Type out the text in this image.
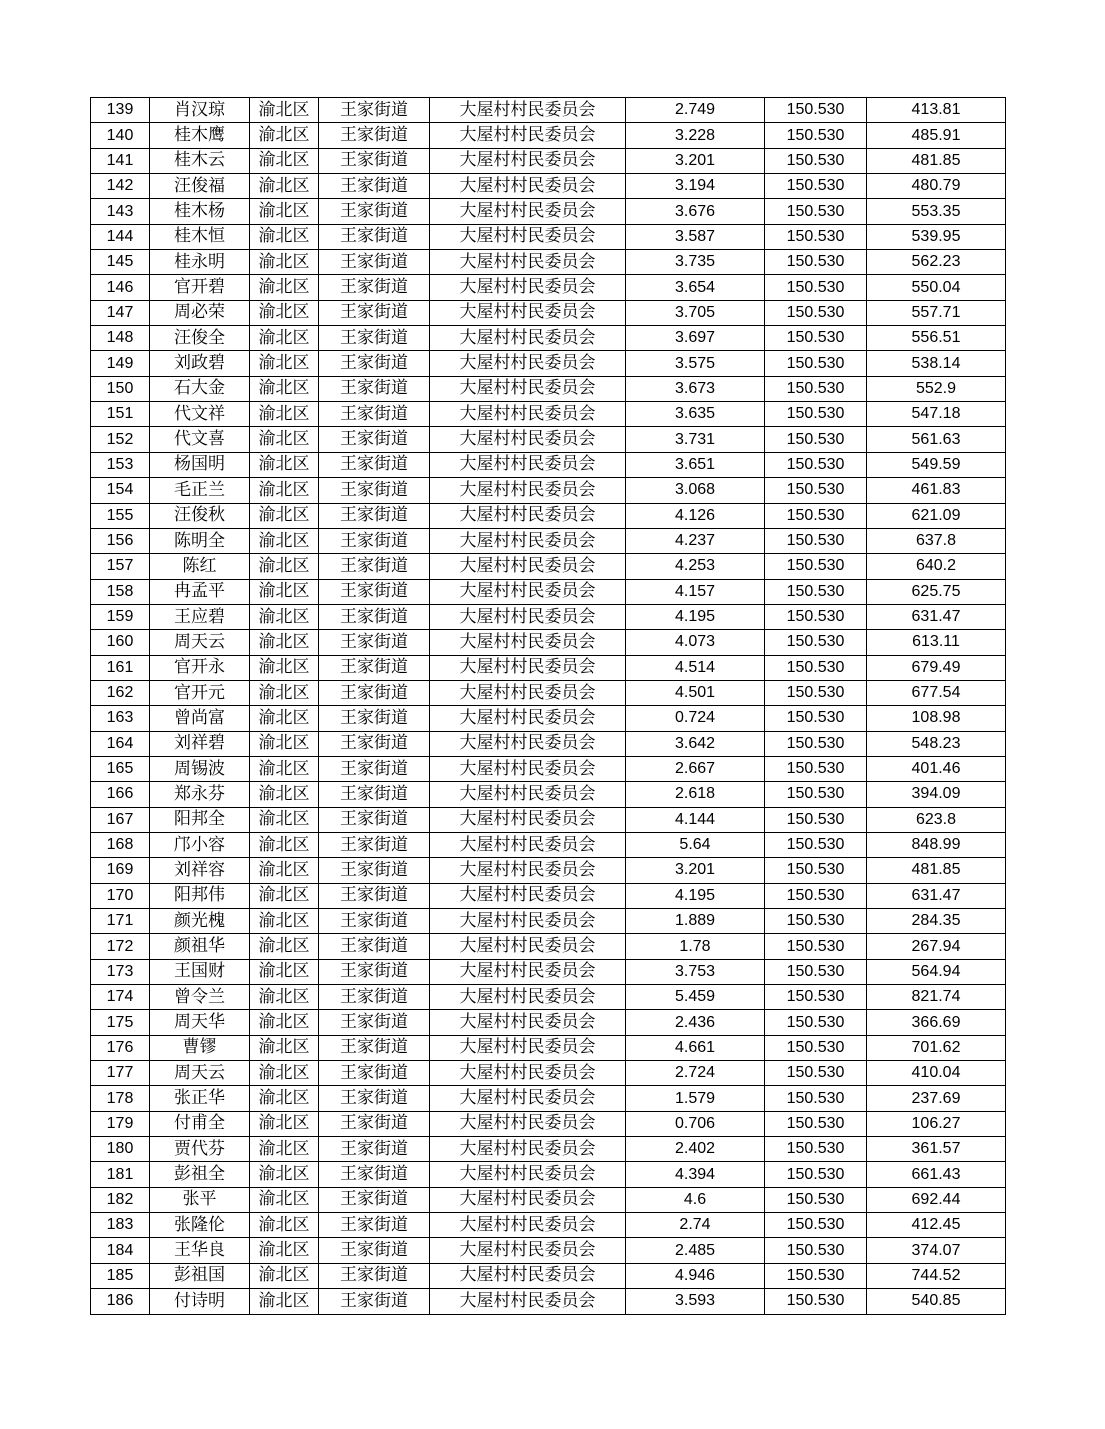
139	肖汉琼	渝北区	王家街道	大屋村村民委员会	2.749	150.530	413.81
140	桂木鹰	渝北区	王家街道	大屋村村民委员会	3.228	150.530	485.91
141	桂木云	渝北区	王家街道	大屋村村民委员会	3.201	150.530	481.85
142	汪俊福	渝北区	王家街道	大屋村村民委员会	3.194	150.530	480.79
143	桂木杨	渝北区	王家街道	大屋村村民委员会	3.676	150.530	553.35
144	桂木恒	渝北区	王家街道	大屋村村民委员会	3.587	150.530	539.95
145	桂永明	渝北区	王家街道	大屋村村民委员会	3.735	150.530	562.23
146	官开碧	渝北区	王家街道	大屋村村民委员会	3.654	150.530	550.04
147	周必荣	渝北区	王家街道	大屋村村民委员会	3.705	150.530	557.71
148	汪俊全	渝北区	王家街道	大屋村村民委员会	3.697	150.530	556.51
149	刘政碧	渝北区	王家街道	大屋村村民委员会	3.575	150.530	538.14
150	石大金	渝北区	王家街道	大屋村村民委员会	3.673	150.530	552.9
151	代文祥	渝北区	王家街道	大屋村村民委员会	3.635	150.530	547.18
152	代文喜	渝北区	王家街道	大屋村村民委员会	3.731	150.530	561.63
153	杨国明	渝北区	王家街道	大屋村村民委员会	3.651	150.530	549.59
154	毛正兰	渝北区	王家街道	大屋村村民委员会	3.068	150.530	461.83
155	汪俊秋	渝北区	王家街道	大屋村村民委员会	4.126	150.530	621.09
156	陈明全	渝北区	王家街道	大屋村村民委员会	4.237	150.530	637.8
157	陈红	渝北区	王家街道	大屋村村民委员会	4.253	150.530	640.2
158	冉孟平	渝北区	王家街道	大屋村村民委员会	4.157	150.530	625.75
159	王应碧	渝北区	王家街道	大屋村村民委员会	4.195	150.530	631.47
160	周天云	渝北区	王家街道	大屋村村民委员会	4.073	150.530	613.11
161	官开永	渝北区	王家街道	大屋村村民委员会	4.514	150.530	679.49
162	官开元	渝北区	王家街道	大屋村村民委员会	4.501	150.530	677.54
163	曾尚富	渝北区	王家街道	大屋村村民委员会	0.724	150.530	108.98
164	刘祥碧	渝北区	王家街道	大屋村村民委员会	3.642	150.530	548.23
165	周锡波	渝北区	王家街道	大屋村村民委员会	2.667	150.530	401.46
166	郑永芬	渝北区	王家街道	大屋村村民委员会	2.618	150.530	394.09
167	阳邦全	渝北区	王家街道	大屋村村民委员会	4.144	150.530	623.8
168	邝小容	渝北区	王家街道	大屋村村民委员会	5.64	150.530	848.99
169	刘祥容	渝北区	王家街道	大屋村村民委员会	3.201	150.530	481.85
170	阳邦伟	渝北区	王家街道	大屋村村民委员会	4.195	150.530	631.47
171	颜光槐	渝北区	王家街道	大屋村村民委员会	1.889	150.530	284.35
172	颜祖华	渝北区	王家街道	大屋村村民委员会	1.78	150.530	267.94
173	王国财	渝北区	王家街道	大屋村村民委员会	3.753	150.530	564.94
174	曾令兰	渝北区	王家街道	大屋村村民委员会	5.459	150.530	821.74
175	周天华	渝北区	王家街道	大屋村村民委员会	2.436	150.530	366.69
176	曹镠	渝北区	王家街道	大屋村村民委员会	4.661	150.530	701.62
177	周天云	渝北区	王家街道	大屋村村民委员会	2.724	150.530	410.04
178	张正华	渝北区	王家街道	大屋村村民委员会	1.579	150.530	237.69
179	付甫全	渝北区	王家街道	大屋村村民委员会	0.706	150.530	106.27
180	贾代芬	渝北区	王家街道	大屋村村民委员会	2.402	150.530	361.57
181	彭祖全	渝北区	王家街道	大屋村村民委员会	4.394	150.530	661.43
182	张平	渝北区	王家街道	大屋村村民委员会	4.6	150.530	692.44
183	张隆伦	渝北区	王家街道	大屋村村民委员会	2.74	150.530	412.45
184	王华良	渝北区	王家街道	大屋村村民委员会	2.485	150.530	374.07
185	彭祖国	渝北区	王家街道	大屋村村民委员会	4.946	150.530	744.52
186	付诗明	渝北区	王家街道	大屋村村民委员会	3.593	150.530	540.85
